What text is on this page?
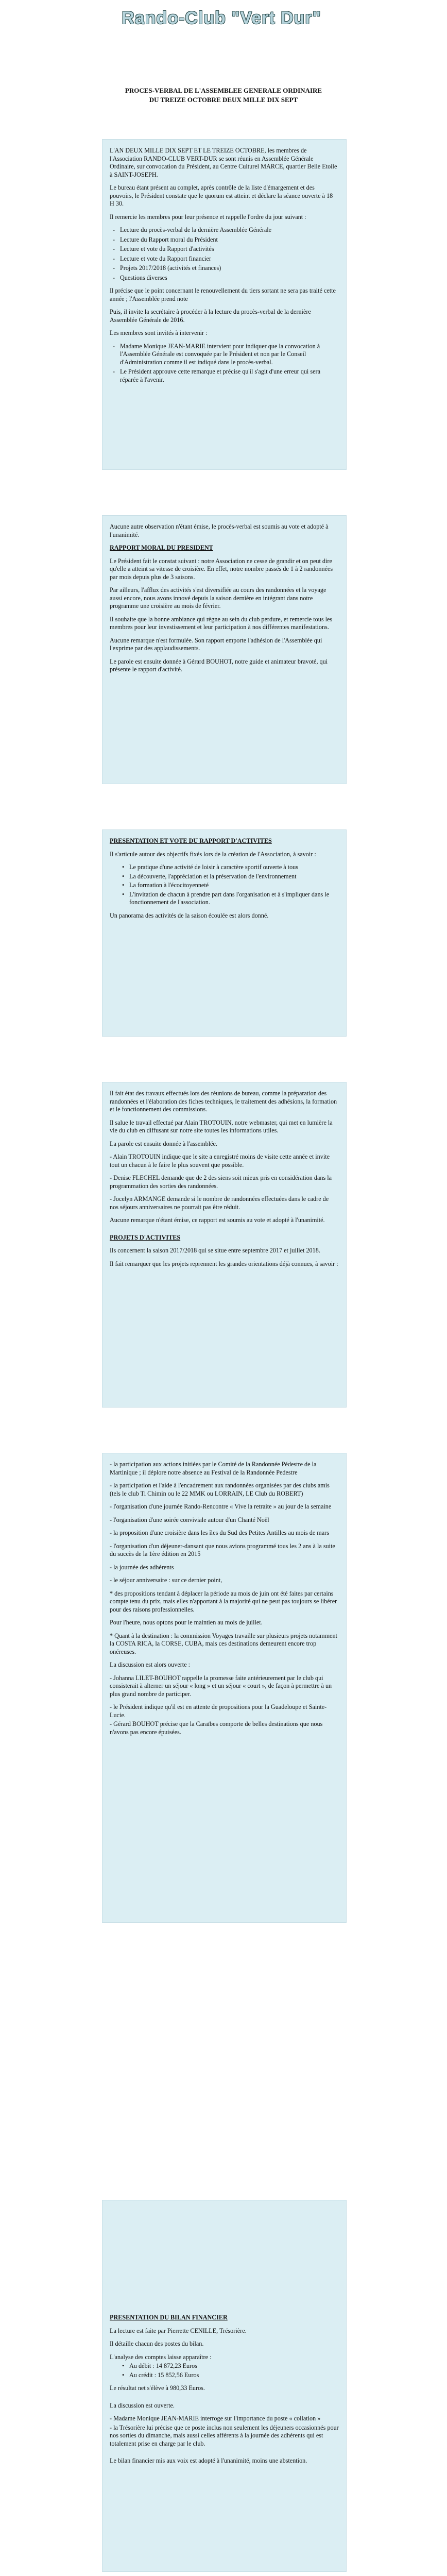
Rando-Club "Vert Dur"
PROCES-VERBAL DE L'ASSEMBLEE GENERALE ORDINAIRE
DU TREIZE OCTOBRE DEUX MILLE DIX SEPT

L'AN DEUX MILLE DIX SEPT ET LE TREIZE OCTOBRE, les membres de l'Association RANDO-CLUB VERT-DUR se sont réunis en Assemblée Générale Ordinaire, sur convocation du Président, au Centre Culturel MARCE, quartier Belle Etoile à SAINT-JOSEPH.

Le bureau étant présent au complet, après contrôle de la liste d'émargement et des pouvoirs, le Président constate que le quorum est atteint et déclare la séance ouverte à 18 H 30.

Il remercie les membres pour leur présence et rappelle l'ordre du jour suivant :

- Lecture du procès-verbal de la dernière Assemblée Générale
- Lecture du Rapport moral du Président
- Lecture et vote du Rapport d'activités
- Lecture et vote du Rapport financier
- Projets 2017/2018 (activités et finances)
- Questions diverses

Il précise que le point concernant le renouvellement du tiers sortant ne sera pas traité cette année ; l'Assemblée prend note

Puis, il invite la secrétaire à procéder à la lecture du procès-verbal de la dernière Assemblée Générale de 2016.

Les membres sont invités à intervenir :

- Madame Monique JEAN-MARIE intervient pour indiquer que la convocation à l'Assemblée Générale est convoquée par le Président et non par le Conseil d'Administration comme il est indiqué dans le procès-verbal.
- Le Président approuve cette remarque et précise qu'il s'agit d'une erreur qui sera réparée à l'avenir.

Aucune autre observation n'étant émise, le procès-verbal est soumis au vote et adopté à l'unanimité.

RAPPORT MORAL DU PRESIDENT

Le Président fait le constat suivant : notre Association ne cesse de grandir et on peut dire qu'elle a atteint sa vitesse de croisière. En effet, notre nombre passés de 1 à 2 randonnées par mois depuis plus de 3 saisons.

Par ailleurs, l'afflux des activités s'est diversifiée au cours des randonnées et la voyage aussi encore, nous avons innové depuis la saison dernière en intégrant dans notre programme une croisière au mois de février.

Il souhaite que la bonne ambiance qui règne au sein du club perdure, et remercie tous les membres pour leur investissement et leur participation à nos différentes manifestations.

Aucune remarque n'est formulée. Son rapport emporte l'adhésion de l'Assemblée qui l'exprime par des applaudissements.

Le parole est ensuite donnée à Gérard BOUHOT, notre guide et animateur bravoté, qui présente le rapport d'activité.

PRESENTATION ET VOTE DU RAPPORT D'ACTIVITES

Il s'articule autour des objectifs fixés lors de la création de l'Association, à savoir :

• Le pratique d'une activité de loisir à caractère sportif ouverte à tous
• La découverte, l'appréciation et la préservation de l'environnement
• La formation à l'écocitoyenneté
• L'invitation de chacun à prendre part dans l'organisation et à s'impliquer dans le fonctionnement de l'association.

Un panorama des activités de la saison écoulée est alors donné.

Il fait état des travaux effectués lors des réunions de bureau, comme la préparation des randonnées et l'élaboration des fiches techniques, le traitement des adhésions, la formation et le fonctionnement des commissions.

Il salue le travail effectué par Alain TROTOUIN, notre webmaster, qui met en lumière la vie du club en diffusant sur notre site toutes les informations utiles.

La parole est ensuite donnée à l'assemblée.

- Alain TROTOUIN indique que le site a enregistré moins de visite cette année et invite tout un chacun à le faire le plus souvent que possible.

- Denise FLECHEL demande que de 2 des siens soit mieux pris en considération dans la programmation des sorties des randonnées.

- Jocelyn ARMANGE demande si le nombre de randonnées effectuées dans le cadre de nos séjours anniversaires ne pourrait pas être réduit.

Aucune remarque n'étant émise, ce rapport est soumis au vote et adopté à l'unanimité.

PROJETS D'ACTIVITES

Ils concernent la saison 2017/2018 qui se situe entre septembre 2017 et juillet 2018.

Il fait remarquer que les projets reprennent les grandes orientations déjà connues, à savoir :

- la participation aux actions initiées par le Comité de la Randonnée Pédestre de la Martinique ; il déplore notre absence au Festival de la Randonnée Pedestre

- la participation et l'aide à l'encadrement aux randonnées organisées par des clubs amis (tels le club Ti Chimin ou le 22 MMK ou LORRAIN, LE Club du ROBERT)

- l'organisation d'une journée Rando-Rencontre « Vive la retraite » au jour de la semaine

- l'organisation d'une soirée conviviale autour d'un Chanté Noël

- la proposition d'une croisière dans les îles du Sud des Petites Antilles au mois de mars

- l'organisation d'un déjeuner-dansant que nous avions programmé tous les 2 ans à la suite du succès de la 1ère édition en 2015

- la journée des adhérents

- le séjour anniversaire : sur ce dernier point,

* des propositions tendant à déplacer la période au mois de juin ont été faites par certains compte tenu du prix, mais elles n'apportant à la majorité qui ne peut pas toujours se libérer pour des raisons professionnelles.

Pour l'heure, nous optons pour le maintien au mois de juillet.

* Quant à la destination : la commission Voyages travaille sur plusieurs projets notamment la COSTA RICA, la CORSE, CUBA, mais ces destinations demeurent encore trop onéreuses.

La discussion est alors ouverte :

- Johanna LILET-BOUHOT rappelle la promesse faite antérieurement par le club qui consisterait à alterner un séjour « long » et un séjour « court », de façon à permettre à un plus grand nombre de participer.

- le Président indique qu'il est en attente de propositions pour la Guadeloupe et Sainte-Lucie.

- Gérard BOUHOT précise que la Caraïbes comporte de belles destinations que nous n'avons pas encore épuisées.

PRESENTATION DU BILAN FINANCIER

La lecture est faite par Pierrette CENILLE, Trésorière.

Il détaille chacun des postes du bilan.

L'analyse des comptes laisse apparaître :

• Au débit : 14 872,23 Euros
• Au crédit : 15 852,56 Euros

Le résultat net s'élève à 980,33 Euros.

La discussion est ouverte.

- Madame Monique JEAN-MARIE interroge sur l'importance du poste « collation »

- la Trésorière lui précise que ce poste inclus non seulement les déjeuners occasionnés pour nos sorties du dimanche, mais aussi celles afférents à la journée des adhérents qui est totalement prise en charge par le club.

Le bilan financier mis aux voix est adopté à l'unanimité, moins une abstention.
